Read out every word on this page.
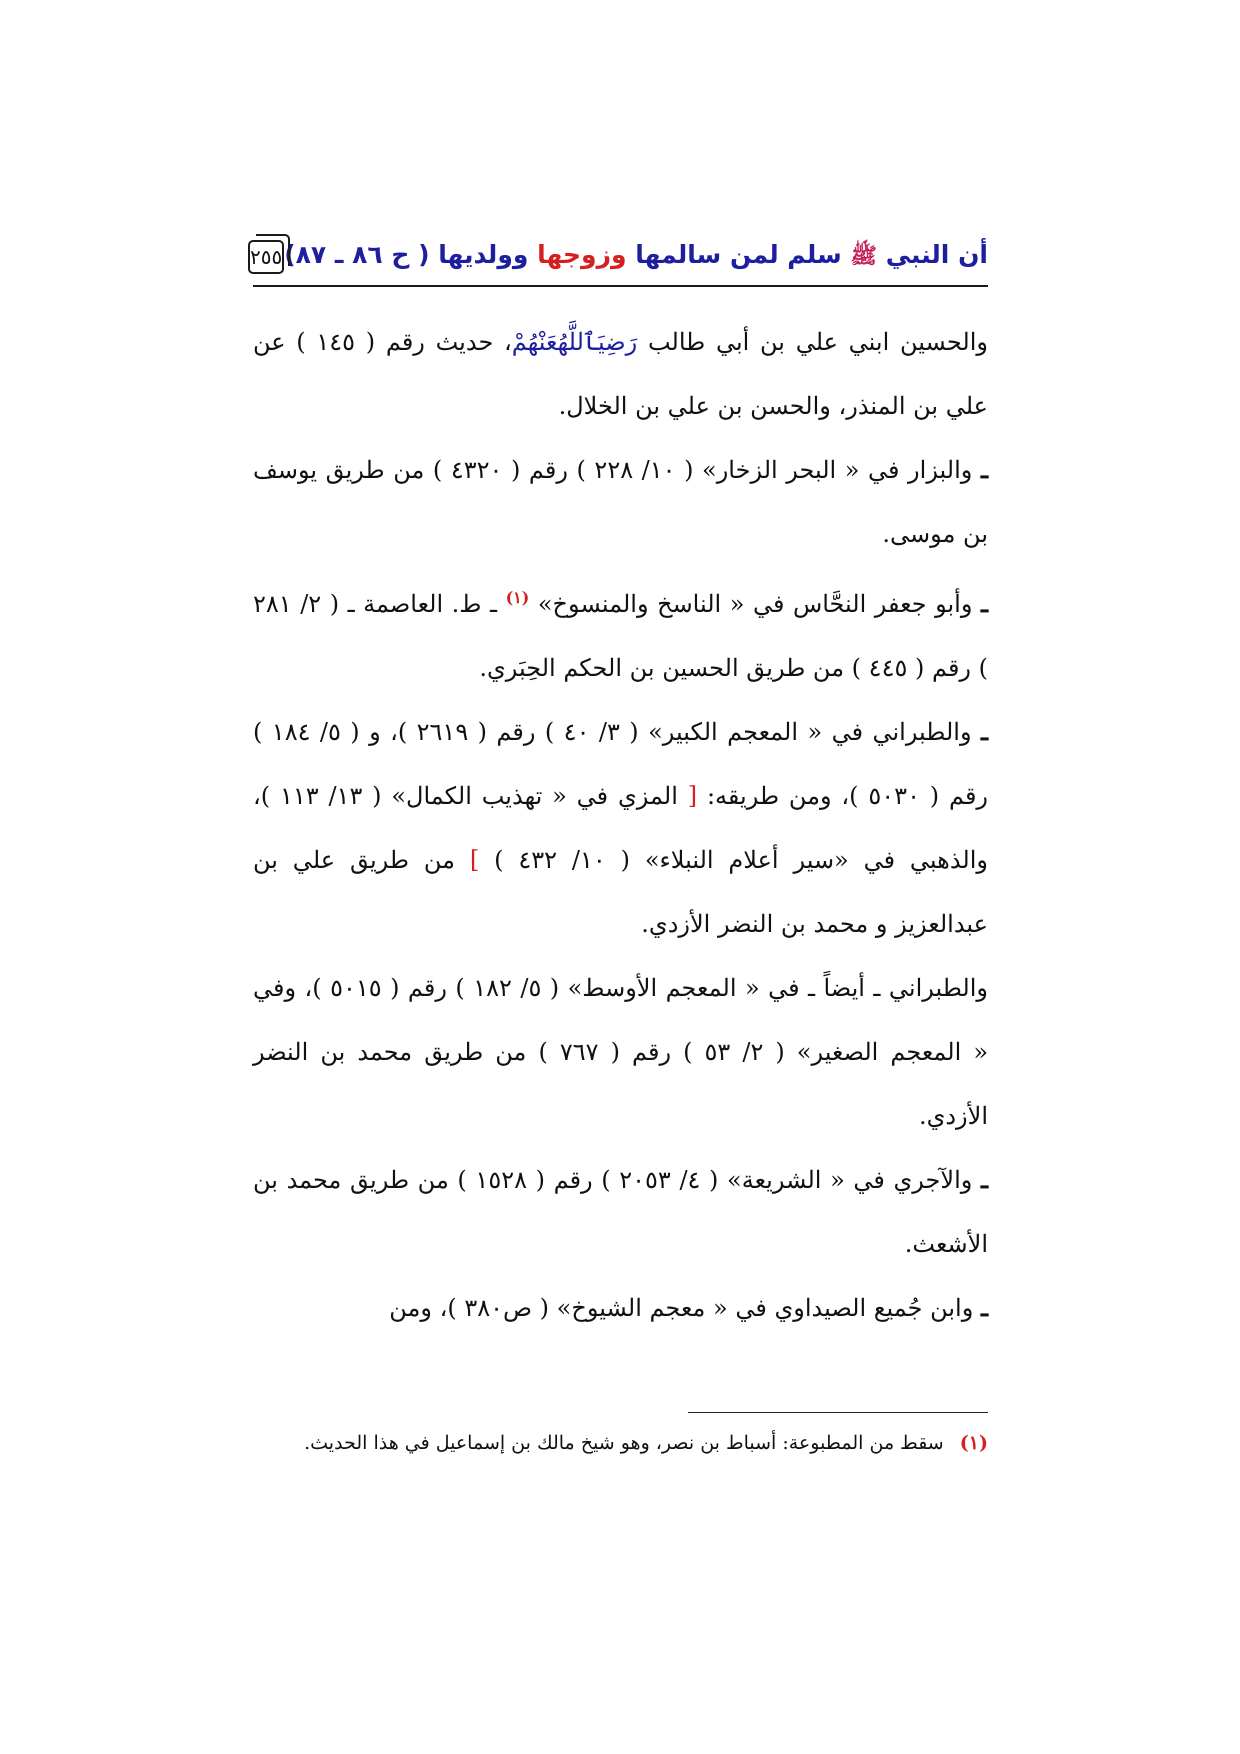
أن النبي ﷺ سلم لمن سالمها وزوجها وولديها ( ح ٨٦ ـ ٨٧)
٢٥٥

والحسين ابني علي بن أبي طالب رَضِيَٱللَّهُعَنْهُمْ، حديث رقم ( ١٤٥ ) عن علي بن المنذر، والحسن بن علي بن الخلال.

ـ والبزار في « البحر الزخار» ( ١٠/ ٢٢٨ ) رقم ( ٤٣٢٠ ) من طريق يوسف بن موسى.

ـ وأبو جعفر النحَّاس في « الناسخ والمنسوخ» $^{(١)}$ ـ ط. العاصمة ـ ( ٢/ ٢٨١ ) رقم ( ٤٤٥ ) من طريق الحسين بن الحكم الحِبَري.

ـ والطبراني في « المعجم الكبير» ( ٣/ ٤٠ ) رقم ( ٢٦١٩ )، و ( ٥/ ١٨٤ ) رقم ( ٥٠٣٠ )، ومن طريقه: [ المزي في « تهذيب الكمال» ( ١٣/ ١١٣ )، والذهبي في «سير أعلام النبلاء» ( ١٠/ ٤٣٢ ) ] من طريق علي بن عبدالعزيز و محمد بن النضر الأزدي.

والطبراني ـ أيضاً ـ في « المعجم الأوسط» ( ٥/ ١٨٢ ) رقم ( ٥٠١٥ )، وفي « المعجم الصغير» ( ٢/ ٥٣ ) رقم ( ٧٦٧ ) من طريق محمد بن النضر الأزدي.

ـ والآجري في « الشريعة» ( ٤/ ٢٠٥٣ ) رقم ( ١٥٢٨ ) من طريق محمد بن الأشعث.

ـ وابن جُميع الصيداوي في « معجم الشيوخ» ( ص٣٨٠ )، ومن

(١) سقط من المطبوعة: أسباط بن نصر، وهو شيخ مالك بن إسماعيل في هذا الحديث.
